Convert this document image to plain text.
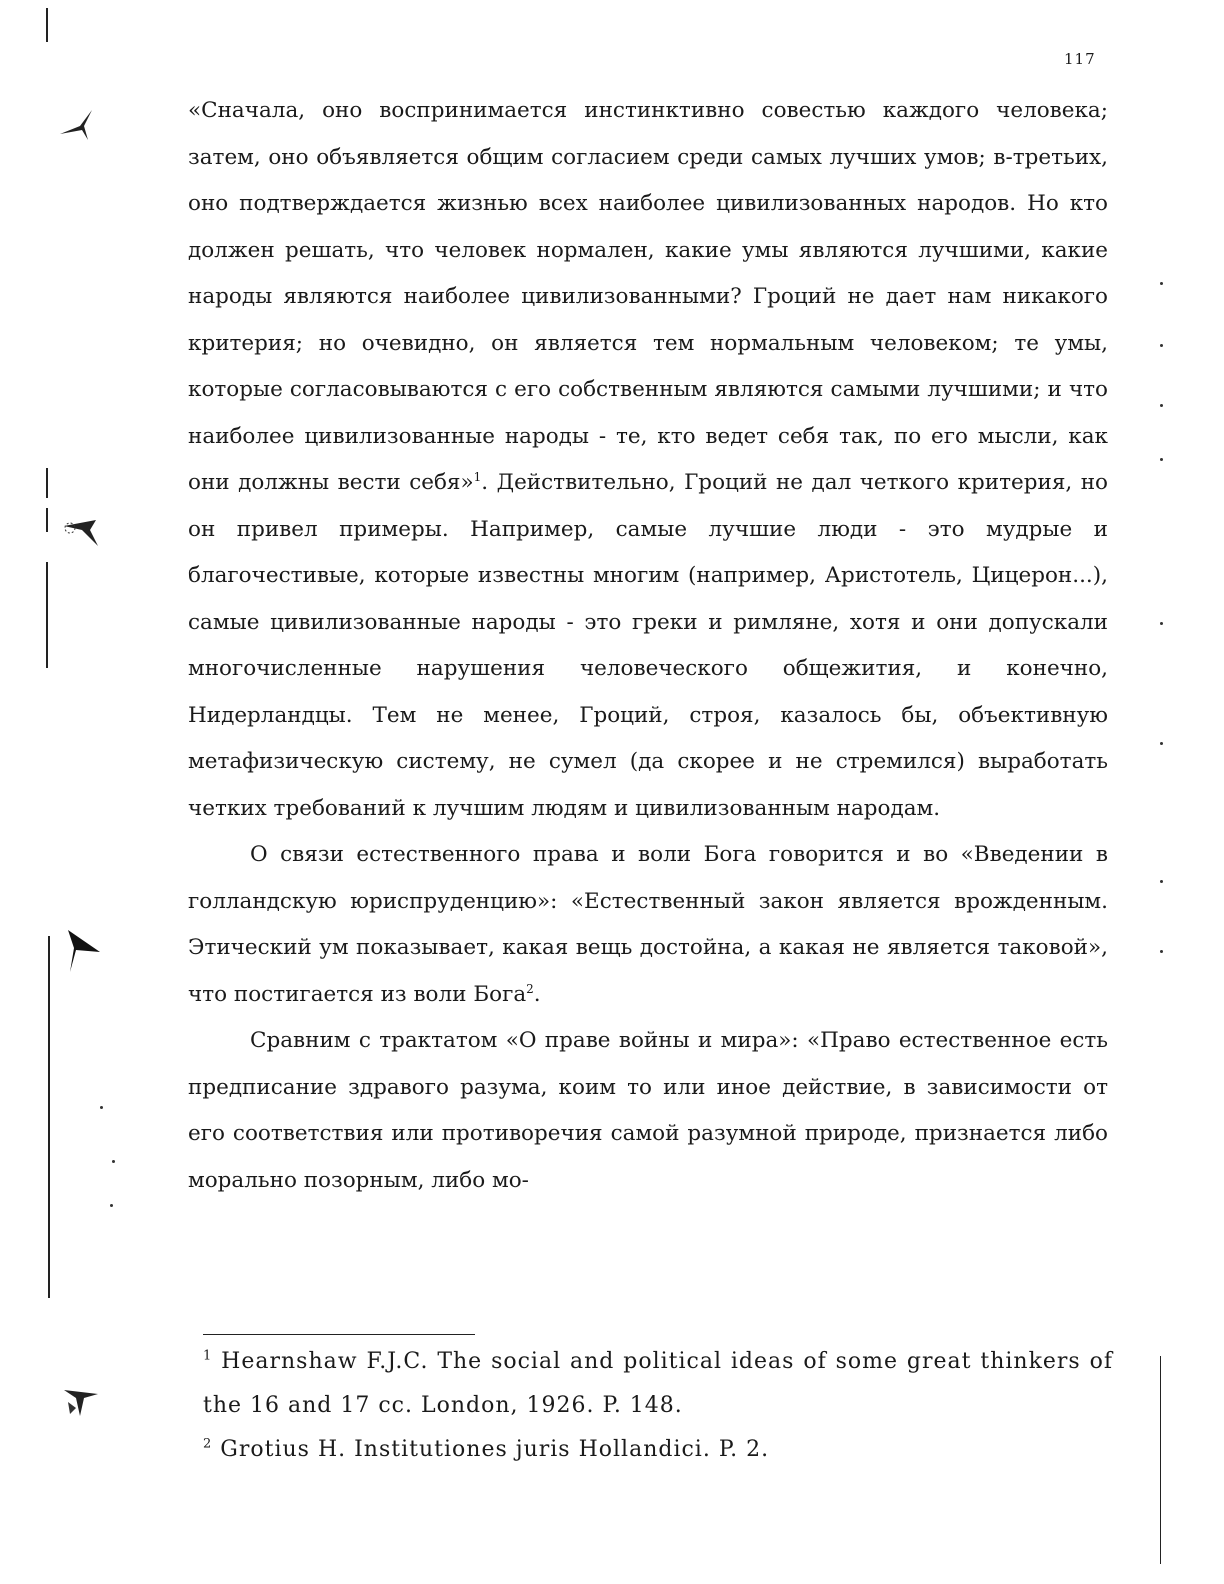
117

«Сначала, оно воспринимается инстинктивно совестью каждого человека; затем, оно объявляется общим согласием среди самых лучших умов; в-третьих, оно подтверждается жизнью всех наиболее цивилизованных народов. Но кто должен решать, что человек нормален, какие умы являются лучшими, какие народы являются наиболее цивилизованными? Гроций не дает нам никакого критерия; но очевидно, он является тем нормальным человеком; те умы, которые согласовываются с его собственным являются самыми лучшими; и что наиболее цивилизованные народы - те, кто ведет себя так, по его мысли, как они должны вести себя»$^1$. Действительно, Гроций не дал четкого критерия, но он привел примеры. Например, самые лучшие люди - это мудрые и благочестивые, которые известны многим (например, Аристотель, Цицерон...), самые цивилизованные народы - это греки и римляне, хотя и они допускали многочисленные нарушения человеческого общежития, и конечно, Нидерландцы. Тем не менее, Гроций, строя, казалось бы, объективную метафизическую систему, не сумел (да скорее и не стремился) выработать четких требований к лучшим людям и цивилизованным народам.

О связи естественного права и воли Бога говорится и во «Введении в голландскую юриспруденцию»: «Естественный закон является врожденным. Этический ум показывает, какая вещь достойна, а какая не является таковой», что постигается из воли Бога$^2$.

Сравним с трактатом «О праве войны и мира»: «Право естественное есть предписание здравого разума, коим то или иное действие, в зависимости от его соответствия или противоречия самой разумной природе, признается либо морально позорным, либо мо-

$^1$ Hearnshaw F.J.C. The social and political ideas of some great thinkers of the 16 and 17 cc. London, 1926. P. 148.

$^2$ Grotius H. Institutiones juris Hollandici. P. 2.
